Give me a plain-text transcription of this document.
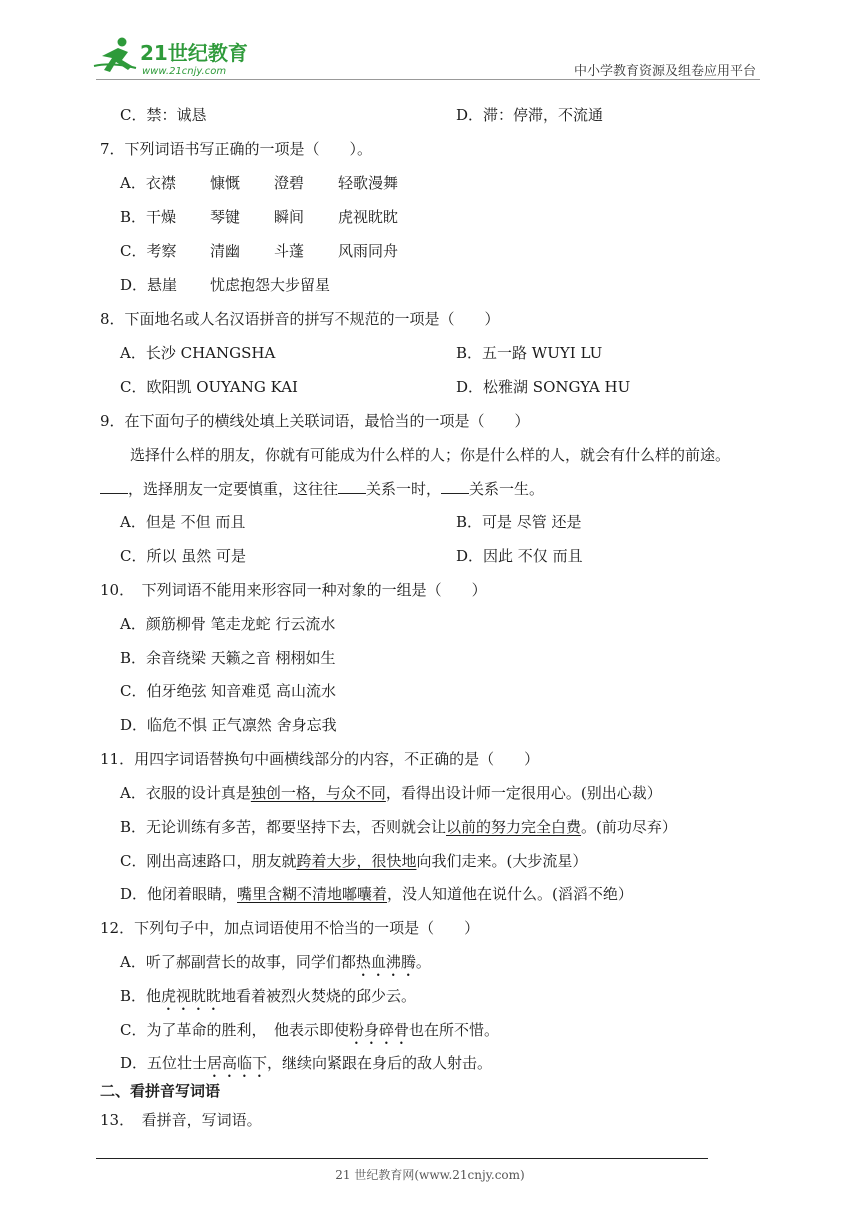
21世纪教育
www.21cnjy.com	中小学教育资源及组卷应用平台
C．禁：诚恳	D．滞：停滞，不流通
7．下列词语书写正确的一项是（　　）。
A．衣襟 慷慨 澄碧 轻歌漫舞
B．干燥 琴键 瞬间 虎视眈眈
C．考察 清幽 斗蓬 风雨同舟
D．悬崖 忧虑抱怨大步留星
8．下面地名或人名汉语拼音的拼写不规范的一项是（　　）
A．长沙 CHANGSHA	B．五一路 WUYI LU
C．欧阳凯 OUYANG KAI	D．松雅湖 SONGYA HU
9．在下面句子的横线处填上关联词语，最恰当的一项是（　　）
选择什么样的朋友，你就有可能成为什么样的人；你是什么样的人，就会有什么样的前途。
，选择朋友一定要慎重，这往往 关系一时， 关系一生。
A．但是 不但 而且	B．可是 尽管 还是
C．所以 虽然 可是	D．因此 不仅 而且
10．　下列词语不能用来形容同一种对象的一组是（　　）
A．颜筋柳骨 笔走龙蛇 行云流水
B．余音绕梁 天籁之音 栩栩如生
C．伯牙绝弦 知音难觅 高山流水
D．临危不惧 正气凛然 舍身忘我
11．用四字词语替换句中画横线部分的内容，不正确的是（　　）
A．衣服的设计真是独创一格，与众不同，看得出设计师一定很用心。(别出心裁）
B．无论训练有多苦，都要坚持下去，否则就会让以前的努力完全白费。(前功尽弃）
C．刚出高速路口，朋友就跨着大步，很快地向我们走来。(大步流星）
D．他闭着眼睛，嘴里含糊不清地嘟囔着，没人知道他在说什么。(滔滔不绝）
12．下列句子中，加点词语使用不恰当的一项是（　　）
A．听了郝副营长的故事，同学们都热血沸腾。
B．他虎视眈眈地看着被烈火焚烧的邱少云。
C．为了革命的胜利，　他表示即使粉身碎骨也在所不惜。
D．五位壮士居高临下，继续向紧跟在身后的敌人射击。
二、看拼音写词语
13．　看拼音，写词语。
21 世纪教育网(www.21cnjy.com)
